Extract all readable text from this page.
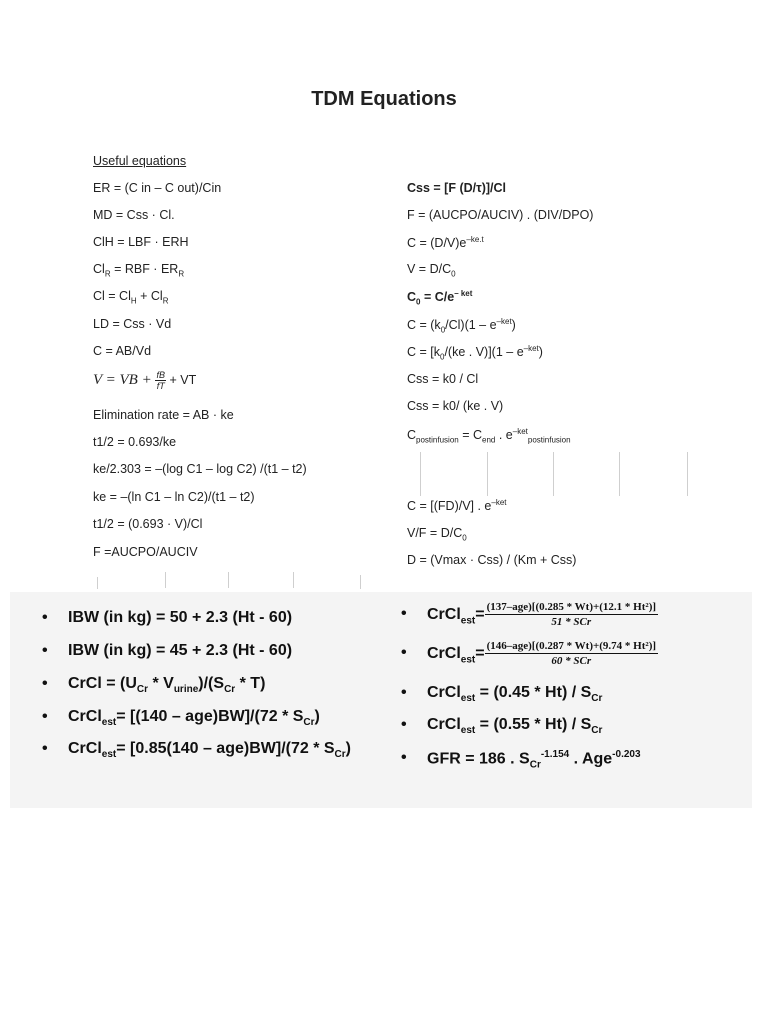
TDM Equations
Useful equations
ER = (C in – C out)/Cin
MD = Css · Cl.
ClH = LBF · ERH
$Cl_R$ = RBF · $ER_R$
$Cl = Cl_H + Cl_R$
LD = Css · Vd
C = AB/Vd
V = VB + $\frac{fB}{fT}$ + VT
Elimination rate = AB · ke
t1/2 = 0.693/ke
ke/2.303 = –(log C1 – log C2) /(t1 – t2)
ke = –(ln C1 – ln C2)/(t1 – t2)
t1/2 = (0.693 · V)/Cl
F =AUCPO/AUCIV
Css = [F (D/τ)]/Cl
F = (AUCPO/AUCIV) . (DIV/DPO)
$C = (D/V)e^{-ke.t}$
$V = D/C_0$
$C_0 = C/e^{- ket}$
$C = (k_0/Cl)(1 - e^{-ket})$
$C = [k_0/(ke$ . $V)](1 - e^{-ket})$
Css = k0 / Cl
Css = k0/ (ke . V)
$C_{postinfusion} = C_{end}$ . $e^{-ket}_{postinfusion}$
C = [(FD)/V] . $e^{-ket}$
$V/F = D/C_0$
D = (Vmax · Css) / (Km + Css)
• IBW (in kg) = 50 + 2.3 (Ht - 60)
• IBW (in kg) = 45 + 2.3 (Ht - 60)
• CrCl = $(U_{Cr} * V_{urine})/(S_{Cr} * T)$
• CrCl$_{est}$= $[(140 - age)BW]/(72 * S_{Cr})$
• CrCl$_{est}$= $[0.85(140 - age)BW]/(72 * S_{Cr})$
• CrCl$_{est}$= $\frac{\text{(137–age)[(0.285 * Wt)+(12.1 * Ht²)]}}{\text{51 * SCr}}$
• CrCl$_{est}$= $\frac{\text{(146–age)[(0.287 * Wt)+(9.74 * Ht²)]}}{\text{60 * SCr}}$
• CrCl$_{est}$ = $(0.45 * Ht) / S_{Cr}$
• CrCl$_{est}$ = $(0.55 * Ht) / S_{Cr}$
• GFR = 186 . $S_{Cr}^{-1.154}$ . Age$^{-0.203}$
